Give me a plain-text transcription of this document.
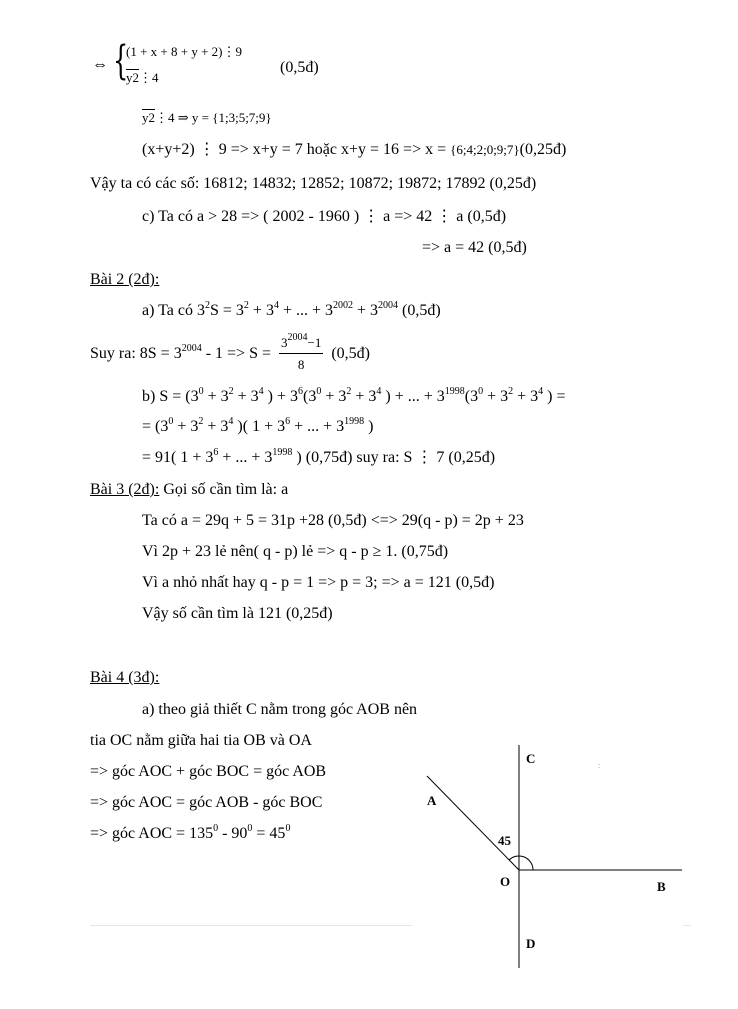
⇔ {
(1 + x + 8 + y + 2)⋮9
y2⋮4
(0,5đ)
y2⋮4 ⇒ y = {1;3;5;7;9}
(x+y+2) ⋮ 9 => x+y = 7 hoặc x+y = 16 => x = {6;4;2;0;9;7}(0,25đ)
Vậy ta có các số: 16812; 14832; 12852; 10872; 19872; 17892 (0,25đ)
c) Ta có a > 28 => ( 2002 - 1960 ) ⋮ a => 42 ⋮ a (0,5đ)
=> a = 42 (0,5đ)
Bài 2 (2đ):
a) Ta có $3^2S = 3^2 + 3^4$ + ... + $3^{2002} + 3^{2004}$ (0,5đ)
Suy ra: $8S = 3^{2004} - 1 => S = \frac{3^{2004}-1}{8}$ (0,5đ)
b) $S = (3^0 + 3^2 + 3^4$ ) + $3^6(3^0 + 3^2 + 3^4$ ) + ... + $3^{1998}(3^0 + 3^2 + 3^4$ ) =
= ($3^0 + 3^2 + 3^4$ )( $1 + 3^6$ + ... + $3^{1998}$ )
= 91( $1 + 3^6$ + ... + $3^{1998}$ ) (0,75đ) suy ra: S ⋮ 7 (0,25đ)
Bài 3 (2đ): Gọi số cần tìm là: a
Ta có a = 29q + 5 = 31p +28 (0,5đ) <=> 29(q - p) = 2p + 23
Vì 2p + 23 lẻ nên( q - p) lẻ => q - p ≥ 1. (0,75đ)
Vì a nhỏ nhất hay q - p = 1 => p = 3; => a = 121 (0,5đ)
Vậy số cần tìm là 121 (0,25đ)
Bài 4 (3đ):
a) theo giả thiết C nằm trong góc AOB nên
tia OC nằm giữa hai tia OB và OA
=> góc AOC + góc BOC = góc AOB
=> góc AOC = góc AOB - góc BOC
=> góc AOC = $135^0 - 90^0 = 45^0$
C
A
45
O	B
D
:
